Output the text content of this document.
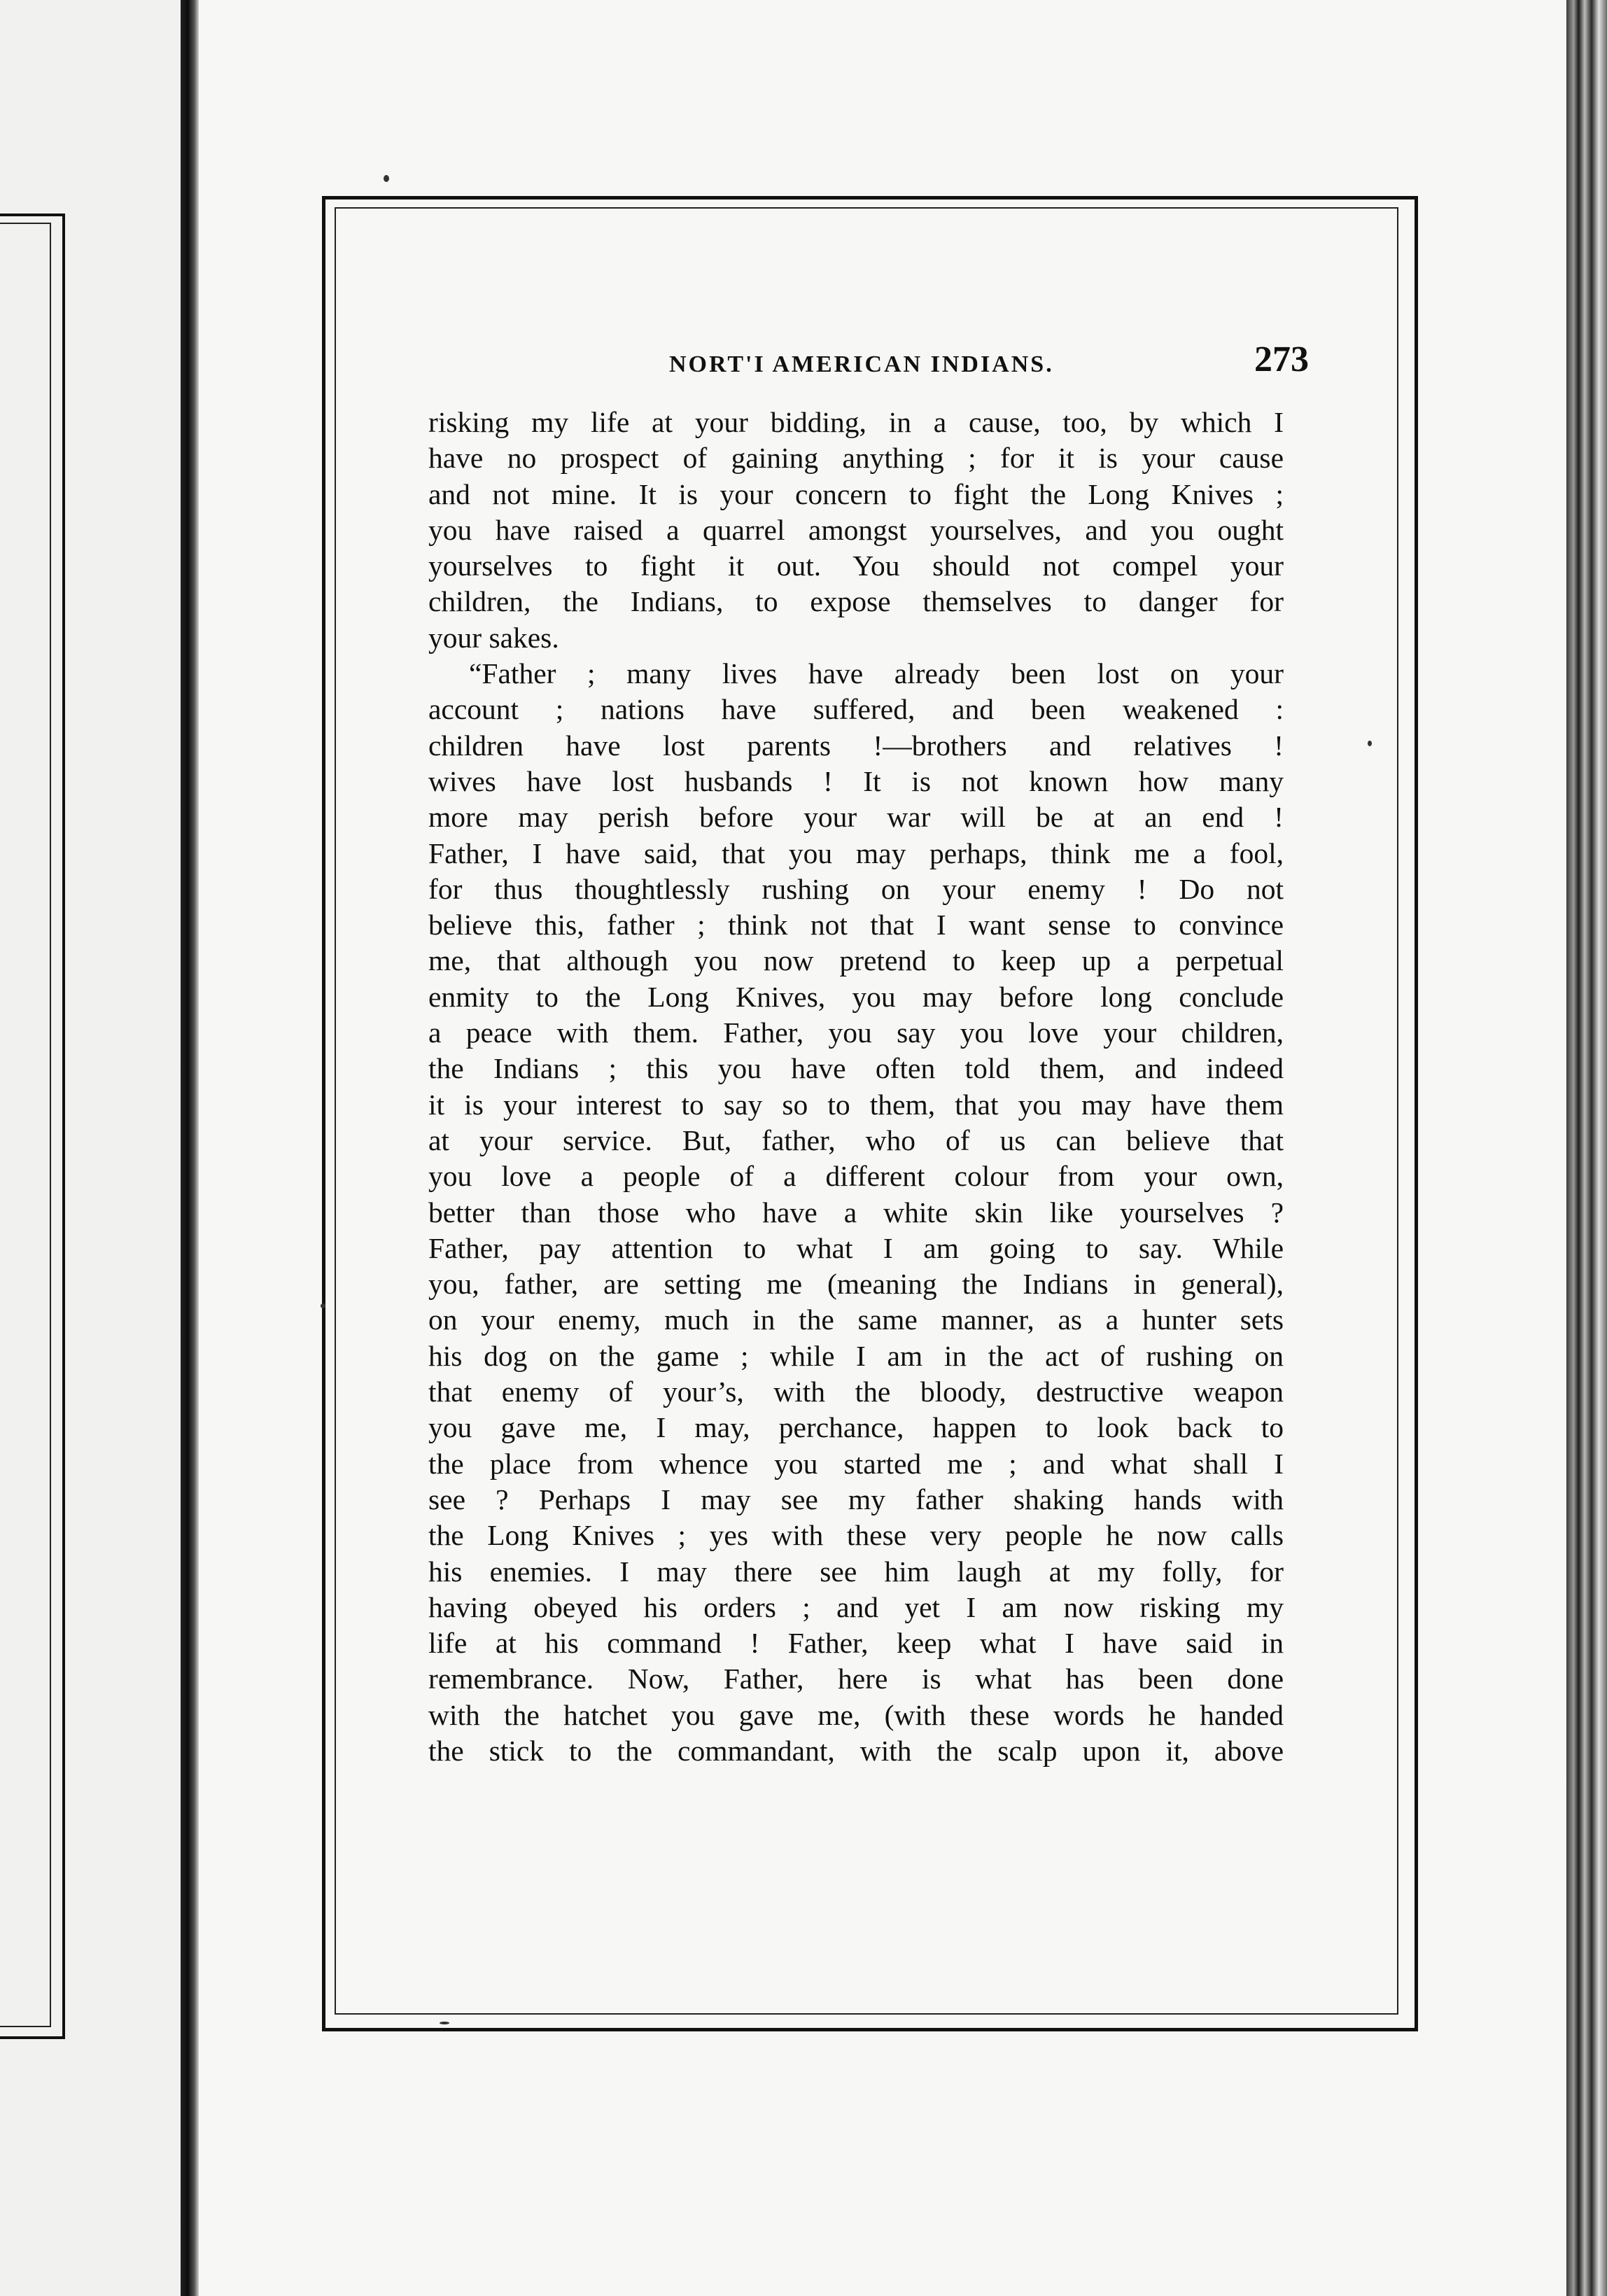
NORT'I AMERICAN INDIANS.	273
risking my life at your bidding, in a cause, too, by which I
have no prospect of gaining anything ; for it is your cause
and not mine. It is your concern to fight the Long Knives ;
you have raised a quarrel amongst yourselves, and you ought
yourselves to fight it out. You should not compel your
children, the Indians, to expose themselves to danger for
your sakes.
“Father ; many lives have already been lost on your
account ; nations have suffered, and been weakened :
children have lost parents !—brothers and relatives !
wives have lost husbands ! It is not known how many
more may perish before your war will be at an end !
Father, I have said, that you may perhaps, think me a fool,
for thus thoughtlessly rushing on your enemy ! Do not
believe this, father ; think not that I want sense to convince
me, that although you now pretend to keep up a perpetual
enmity to the Long Knives, you may before long conclude
a peace with them. Father, you say you love your children,
the Indians ; this you have often told them, and indeed
it is your interest to say so to them, that you may have them
at your service. But, father, who of us can believe that
you love a people of a different colour from your own,
better than those who have a white skin like yourselves ?
Father, pay attention to what I am going to say. While
you, father, are setting me (meaning the Indians in general),
on your enemy, much in the same manner, as a hunter sets
his dog on the game ; while I am in the act of rushing on
that enemy of your’s, with the bloody, destructive weapon
you gave me, I may, perchance, happen to look back to
the place from whence you started me ; and what shall I
see ? Perhaps I may see my father shaking hands with
the Long Knives ; yes with these very people he now calls
his enemies. I may there see him laugh at my folly, for
having obeyed his orders ; and yet I am now risking my
life at his command ! Father, keep what I have said in
remembrance. Now, Father, here is what has been done
with the hatchet you gave me, (with these words he handed
the stick to the commandant, with the scalp upon it, above
